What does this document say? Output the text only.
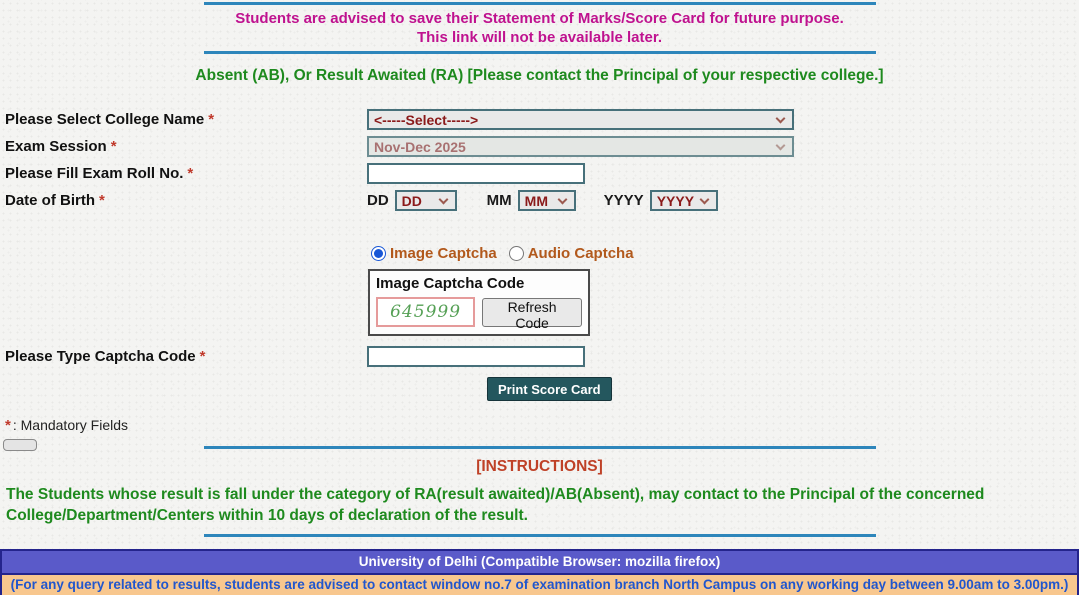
Students are advised to save their Statement of Marks/Score Card for future purpose.
This link will not be available later.
Absent (AB), Or Result Awaited (RA) [Please contact the Principal of your respective college.]
Please Select College Name *	<-----Select----->
Exam Session *	Nov-Dec 2025
Please Fill Exam Roll No. *
Date of Birth *	DD DD	MM MM	YYYY YYYY
Image Captcha Audio Captcha
Image Captcha Code
645999	Refresh Code
Please Type Captcha Code *
Print Score Card
* : Mandatory Fields
[INSTRUCTIONS]
The Students whose result is fall under the category of RA(result awaited)/AB(Absent), may contact to the Principal of the concerned College/Department/Centers within 10 days of declaration of the result.
University of Delhi (Compatible Browser: mozilla firefox)
(For any query related to results, students are advised to contact window no.7 of examination branch North Campus on any working day between 9.00am to 3.00pm.)
